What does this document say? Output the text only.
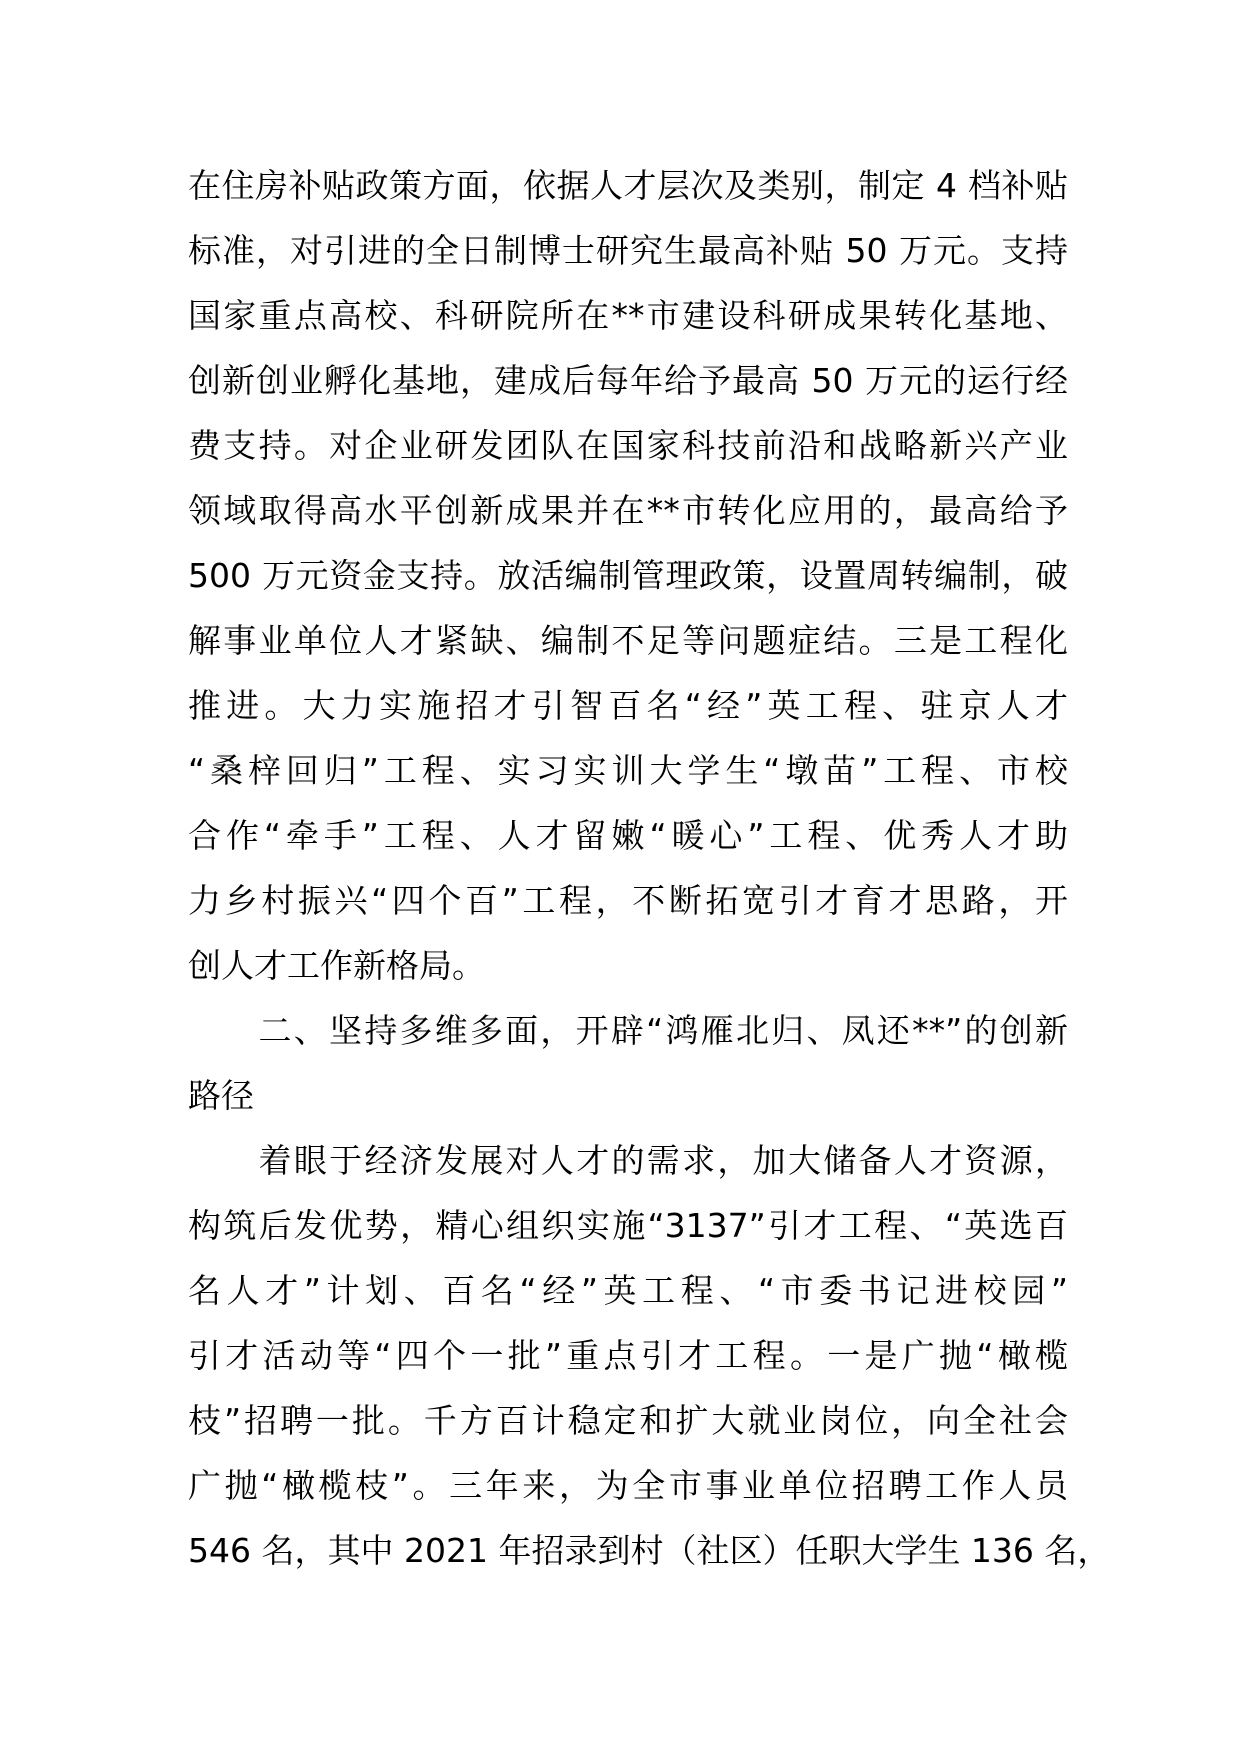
在住房补贴政策方面，依据人才层次及类别，制定 4 档补贴
标准，对引进的全日制博士研究生最高补贴 50 万元。支持
国家重点高校、科研院所在**市建设科研成果转化基地、
创新创业孵化基地，建成后每年给予最高 50 万元的运行经
费支持。对企业研发团队在国家科技前沿和战略新兴产业
领域取得高水平创新成果并在**市转化应用的，最高给予
500 万元资金支持。放活编制管理政策，设置周转编制，破
解事业单位人才紧缺、编制不足等问题症结。三是工程化
推进。大力实施招才引智百名“经”英工程、驻京人才
“桑梓回归”工程、实习实训大学生“墩苗”工程、市校
合作“牵手”工程、人才留嫩“暖心”工程、优秀人才助
力乡村振兴“四个百”工程，不断拓宽引才育才思路，开
创人才工作新格局。
　　二、坚持多维多面，开辟“鸿雁北归、凤还**”的创新
路径
　　着眼于经济发展对人才的需求，加大储备人才资源，
构筑后发优势，精心组织实施“3137”引才工程、“英选百
名人才”计划、百名“经”英工程、“市委书记进校园”
引才活动等“四个一批”重点引才工程。一是广抛“橄榄
枝”招聘一批。千方百计稳定和扩大就业岗位，向全社会
广抛“橄榄枝”。三年来，为全市事业单位招聘工作人员
546 名，其中 2021 年招录到村（社区）任职大学生 136 名，
